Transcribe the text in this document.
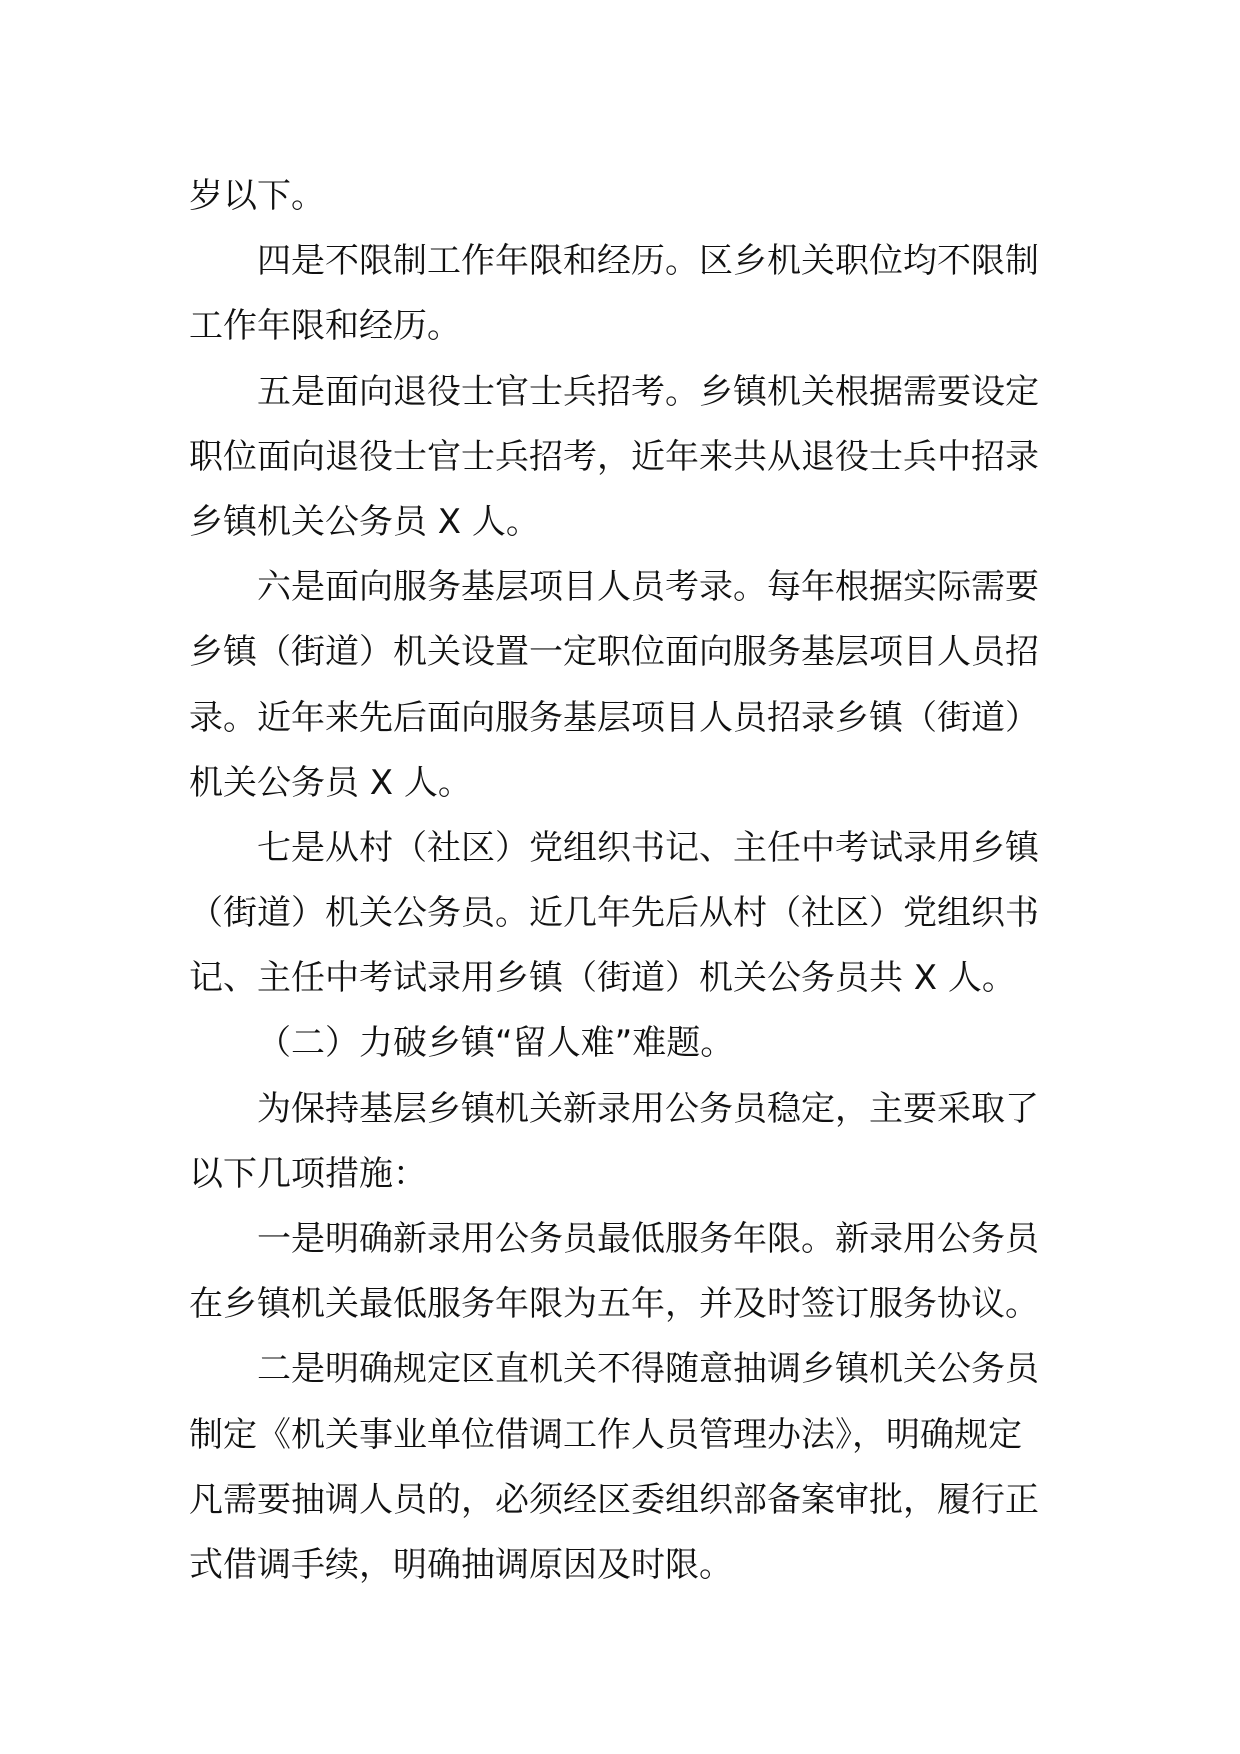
岁以下。
四是不限制工作年限和经历。区乡机关职位均不限制
工作年限和经历。
五是面向退役士官士兵招考。乡镇机关根据需要设定
职位面向退役士官士兵招考，近年来共从退役士兵中招录
乡镇机关公务员 X 人。
六是面向服务基层项目人员考录。每年根据实际需要
乡镇（街道）机关设置一定职位面向服务基层项目人员招
录。近年来先后面向服务基层项目人员招录乡镇（街道）
机关公务员 X 人。
七是从村（社区）党组织书记、主任中考试录用乡镇
（街道）机关公务员。近几年先后从村（社区）党组织书
记、主任中考试录用乡镇（街道）机关公务员共 X 人。
（二）力破乡镇“留人难”难题。
为保持基层乡镇机关新录用公务员稳定，主要采取了
以下几项措施：
一是明确新录用公务员最低服务年限。新录用公务员
在乡镇机关最低服务年限为五年，并及时签订服务协议。
二是明确规定区直机关不得随意抽调乡镇机关公务员
制定《机关事业单位借调工作人员管理办法》，明确规定
凡需要抽调人员的，必须经区委组织部备案审批，履行正
式借调手续，明确抽调原因及时限。
